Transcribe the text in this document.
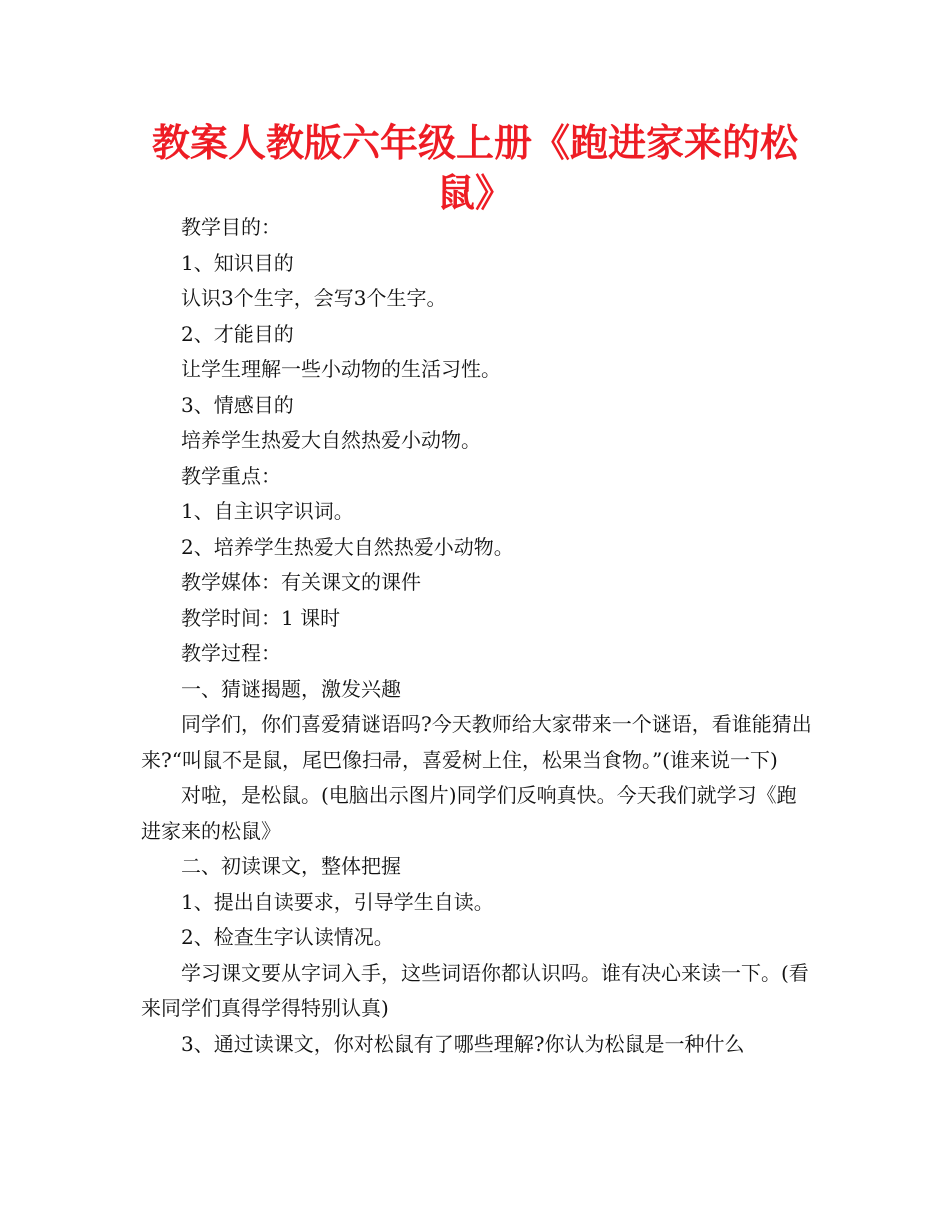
教案人教版六年级上册《跑进家来的松鼠》

教学目的：

1、知识目的

认识3个生字，会写3个生字。

2、才能目的

让学生理解一些小动物的生活习性。

3、情感目的

培养学生热爱大自然热爱小动物。

教学重点：

1、自主识字识词。

2、培养学生热爱大自然热爱小动物。

教学媒体：有关课文的课件

教学时间：1 课时

教学过程：

一、猜谜揭题，激发兴趣

同学们，你们喜爱猜谜语吗?今天教师给大家带来一个谜语，看谁能猜出来?“叫鼠不是鼠，尾巴像扫帚，喜爱树上住，松果当食物。”(谁来说一下)

对啦，是松鼠。(电脑出示图片)同学们反响真快。今天我们就学习《跑进家来的松鼠》

二、初读课文，整体把握

1、提出自读要求，引导学生自读。

2、检查生字认读情况。

学习课文要从字词入手，这些词语你都认识吗。谁有决心来读一下。(看来同学们真得学得特别认真)

3、通过读课文，你对松鼠有了哪些理解?你认为松鼠是一种什么
